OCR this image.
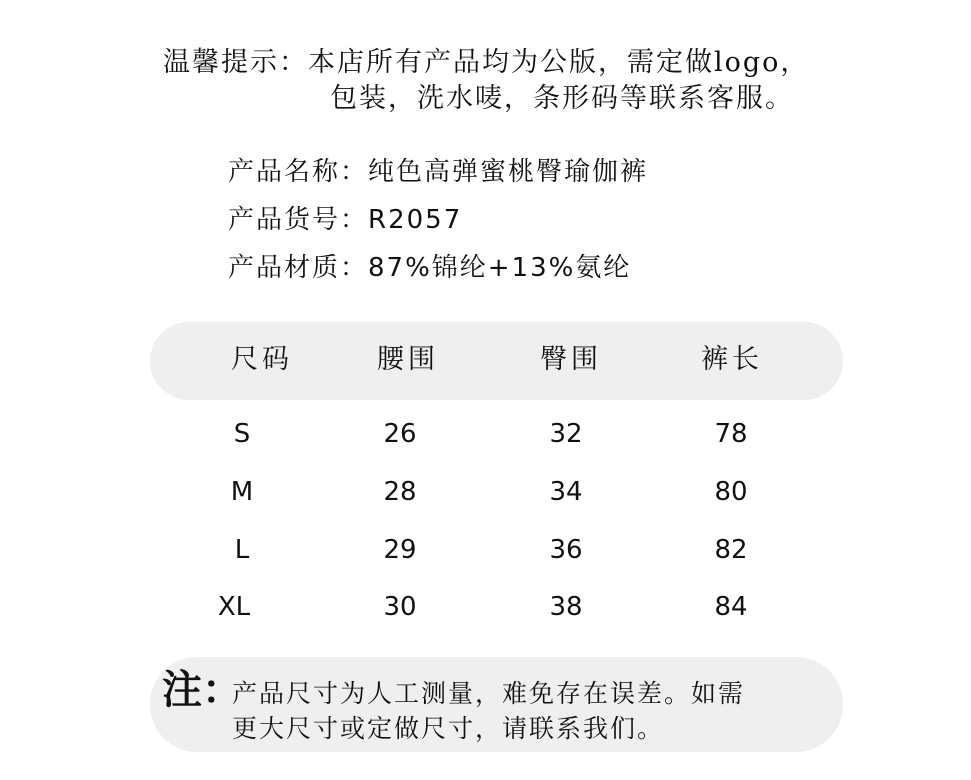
温馨提示：本店所有产品均为公版，需定做logo，
包装，洗水唛，条形码等联系客服。
产品名称：纯色高弹蜜桃臀瑜伽裤
产品货号：R2057
产品材质：87%锦纶+13%氨纶
尺码	腰围	臀围	裤长
S	26	32	78
M	28	34	80
L	29	36	82
XL	30	38	84
注：
产品尺寸为人工测量，难免存在误差。如需
更大尺寸或定做尺寸，请联系我们。
